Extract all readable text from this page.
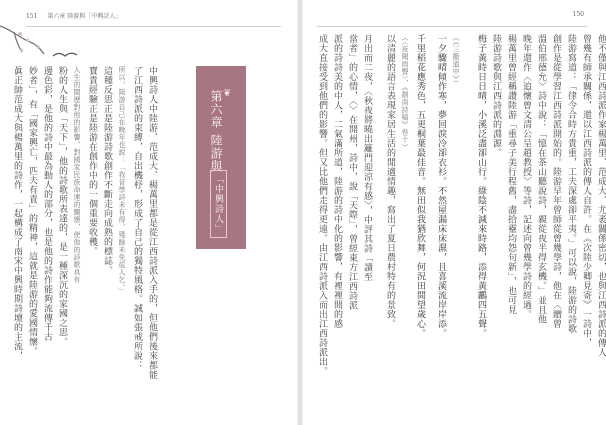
151 第六章 陸游與「中興詩人」
❦
第六章 陸游與
「中興詩人」
中興詩人中陸游、范成大、楊萬里都是從江西詩派入手的，但他們後來都能
了江西詩派的束縛，自出機杼，形成了自己的獨特風格。誠如張戒所說：
所以，陸游自己在晚年也說：「我昔學詩未有得，殘餘未免從人乞。」
這種反思正是陸游詩歌創作不斷走向成熟的標誌。
寶貴經驗正是陸游在創作中的一個重要收穫。
人生的閱歷對他的影響，對國家民族命運的關懷，使他的詩歌具有
粉的人生與「天下」，他的詩歌所表達的，是一種深沉的家國之思。
邊色彩，是他的詩中最為動人的部分，也是他的詩作能夠流傳千古
妙者」，有「國家興亡，匹夫有責」的精神，這就是陸游的愛國情懷。
眞正帥范成大與楊萬里的詩作，一起構成了南宋中興時期詩壇的主流，
150
他不僅與江西詩派作家楊萬里、范成大、尤袤關係密切，也與江西詩派的傳人
曾幾有師承關係，還以江西詩派的傳人自許。在《次陸少卿見寄》一詩中，
陸游寫道：「律令合時方貴重，工夫深處卻平夷。」可以說，陸游的詩歌
創作是從學習江西詩派開始的。陸游早年曾師從曾幾學詩，他在〈贈曾
溫伯邢德允〉詩中說：「憶在茶山聽說詩，親從夜半得玄機。」並且他
晚年還作〈追懷曾文清公呈趙教授〉等詩，記述向曾幾學詩的經過。
楊萬里曾經稱讚陸游「重尋子美行程舊，盡拾靈均怨句新」，也可見
陸游詩歌與江西詩派的淵源。
梅子黃時日日晴，小溪泛盡卻山行。綠陰不減來時路，添得黃鸝四五聲。
（《三衢道中》）
一夕驟晴傾作寒，夢回淚冷卻衣衫。不然屋漏床床濕，且喜溪流岸岸添。
千里稻花應秀色，五更桐葉最佳音。無田似我猶欣舞，何況田間望歲心。
（〈夜聞雨聲〉，《劍南詩稿》卷十）
以清麗的語言表現家居生活的閒適情趣，寫出了夏日農村特有的景致。
月出而二夜，〈秋夜將曉出籬門迎涼有感〉，中評其詩「讀至
當者」的心情，〈〉在開州，詩中，說「天際」，曾經東方江西詩派
派的詩詩美的中人，二氣滿所道，陸游的詩中化的影響，有裡裡間的感
成大直接受到他們的影響。但又比他們走得更遠。由江西詩派入而出江西詩派出。
